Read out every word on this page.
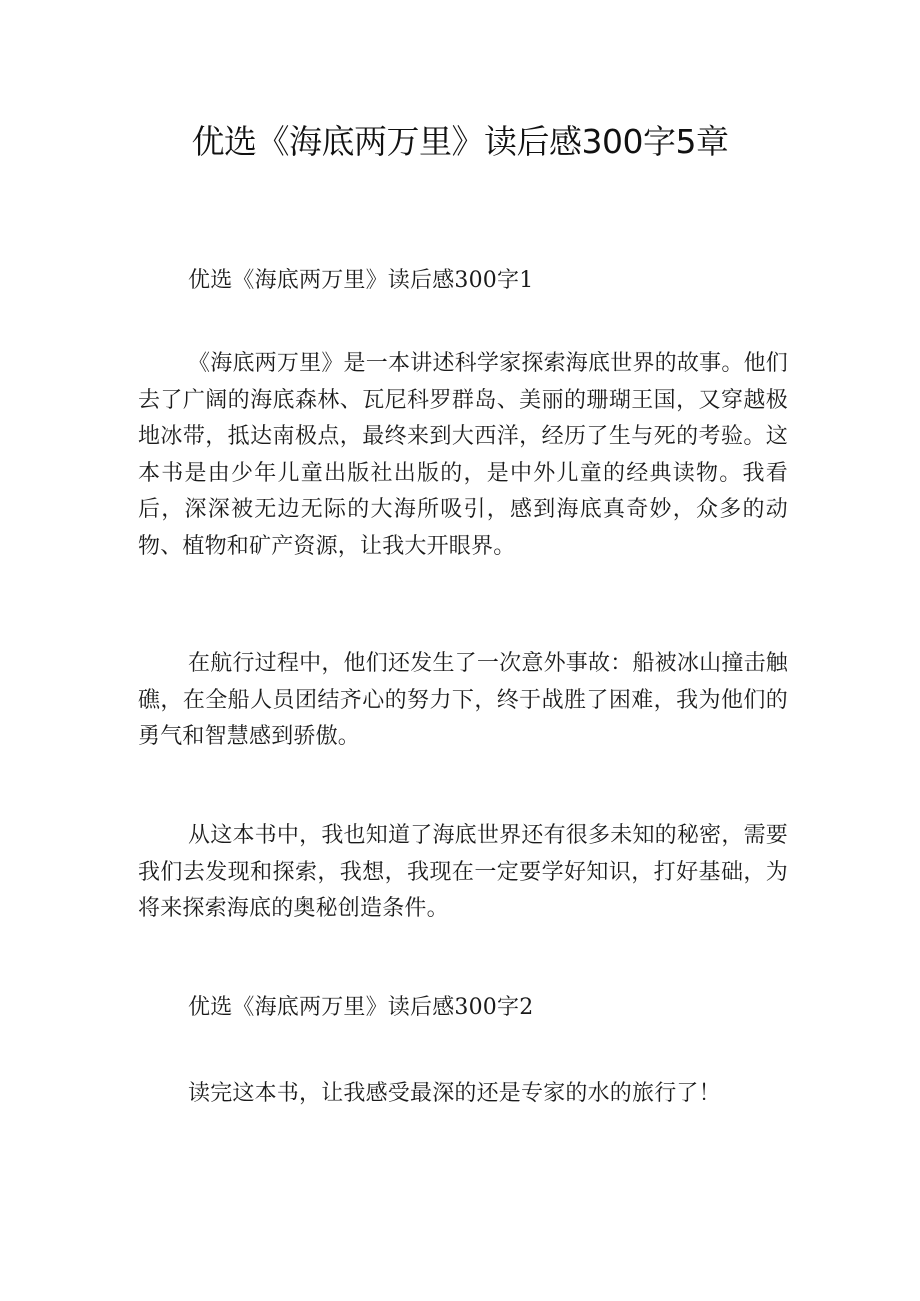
优选《海底两万里》读后感300字5章

优选《海底两万里》读后感300字1

《海底两万里》是一本讲述科学家探索海底世界的故事。他们去了广阔的海底森林、瓦尼科罗群岛、美丽的珊瑚王国，又穿越极地冰带，抵达南极点，最终来到大西洋，经历了生与死的考验。这本书是由少年儿童出版社出版的，是中外儿童的经典读物。我看后，深深被无边无际的大海所吸引，感到海底真奇妙，众多的动物、植物和矿产资源，让我大开眼界。

在航行过程中，他们还发生了一次意外事故：船被冰山撞击触礁，在全船人员团结齐心的努力下，终于战胜了困难，我为他们的勇气和智慧感到骄傲。

从这本书中，我也知道了海底世界还有很多未知的秘密，需要我们去发现和探索，我想，我现在一定要学好知识，打好基础，为将来探索海底的奥秘创造条件。

优选《海底两万里》读后感300字2

读完这本书，让我感受最深的还是专家的水的旅行了！
